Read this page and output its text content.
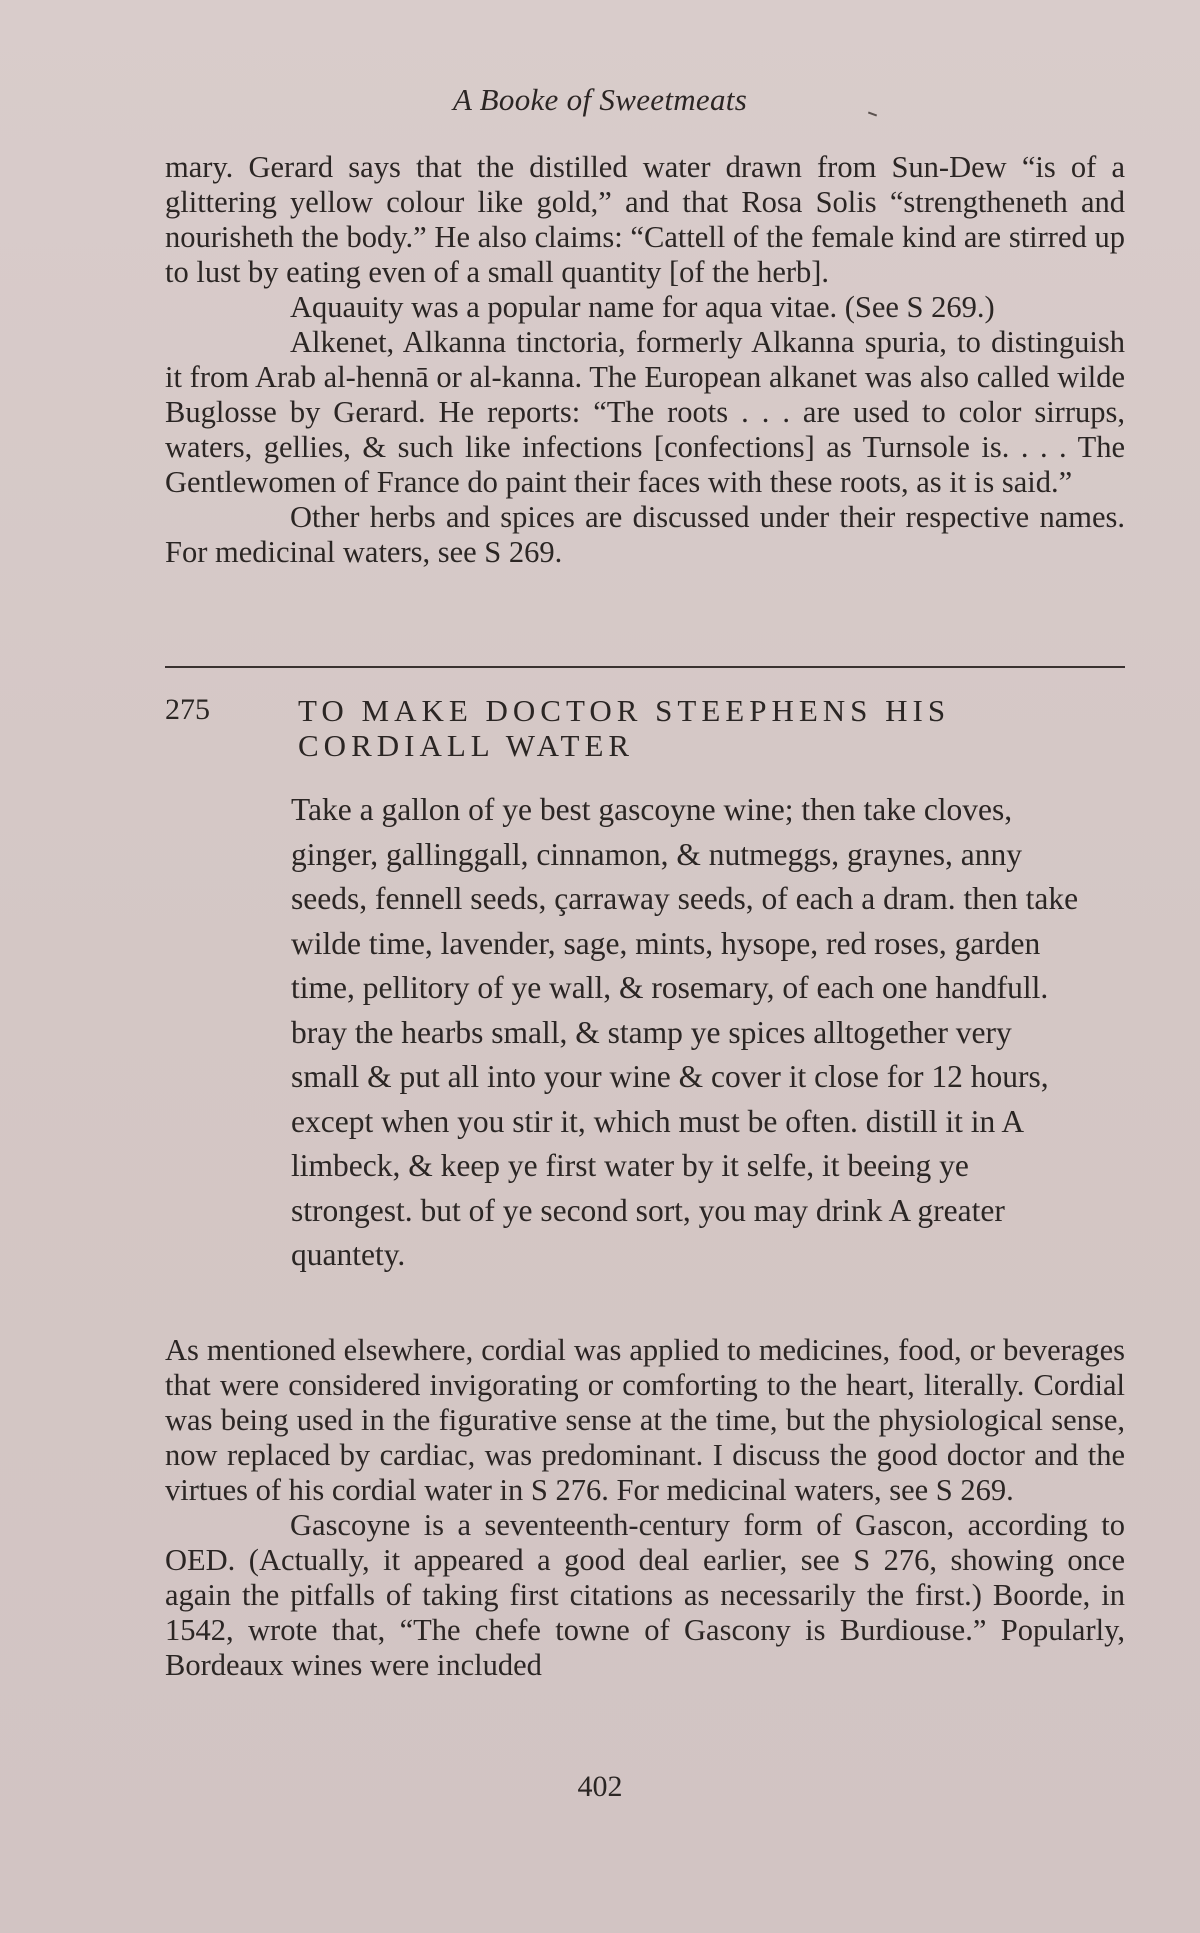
A Booke of Sweetmeats

mary. Gerard says that the distilled water drawn from Sun-Dew “is of a glittering yellow colour like gold,” and that Rosa Solis “strengtheneth and nourisheth the body.” He also claims: “Cattell of the female kind are stirred up to lust by eating even of a small quantity [of the herb].

Aquauity was a popular name for aqua vitae. (See S 269.)

Alkenet, Alkanna tinctoria, formerly Alkanna spuria, to distinguish it from Arab al-hennā or al-kanna. The European alkanet was also called wilde Buglosse by Gerard. He reports: “The roots . . . are used to color sirrups, waters, gellies, & such like infections [confections] as Turnsole is. . . . The Gentlewomen of France do paint their faces with these roots, as it is said.”

Other herbs and spices are discussed under their respective names. For medicinal waters, see S 269.

275	TO MAKE DOCTOR STEEPHENS HIS CORDIALL WATER

Take a gallon of ye best gascoyne wine; then take cloves, ginger, gallinggall, cinnamon, & nutmeggs, graynes, anny seeds, fennell seeds, çarraway seeds, of each a dram. then take wilde time, lavender, sage, mints, hysope, red roses, garden time, pellitory of ye wall, & rosemary, of each one handfull. bray the hearbs small, & stamp ye spices alltogether very small & put all into your wine & cover it close for 12 hours, except when you stir it, which must be often. distill it in A limbeck, & keep ye first water by it selfe, it beeing ye strongest. but of ye second sort, you may drink A greater quantety.

As mentioned elsewhere, cordial was applied to medicines, food, or beverages that were considered invigorating or comforting to the heart, literally. Cordial was being used in the figurative sense at the time, but the physiological sense, now replaced by cardiac, was predominant. I discuss the good doctor and the virtues of his cordial water in S 276. For medicinal waters, see S 269.

Gascoyne is a seventeenth-century form of Gascon, according to OED. (Actually, it appeared a good deal earlier, see S 276, showing once again the pitfalls of taking first citations as necessarily the first.) Boorde, in 1542, wrote that, “The chefe towne of Gascony is Burdiouse.” Popularly, Bordeaux wines were included

402
